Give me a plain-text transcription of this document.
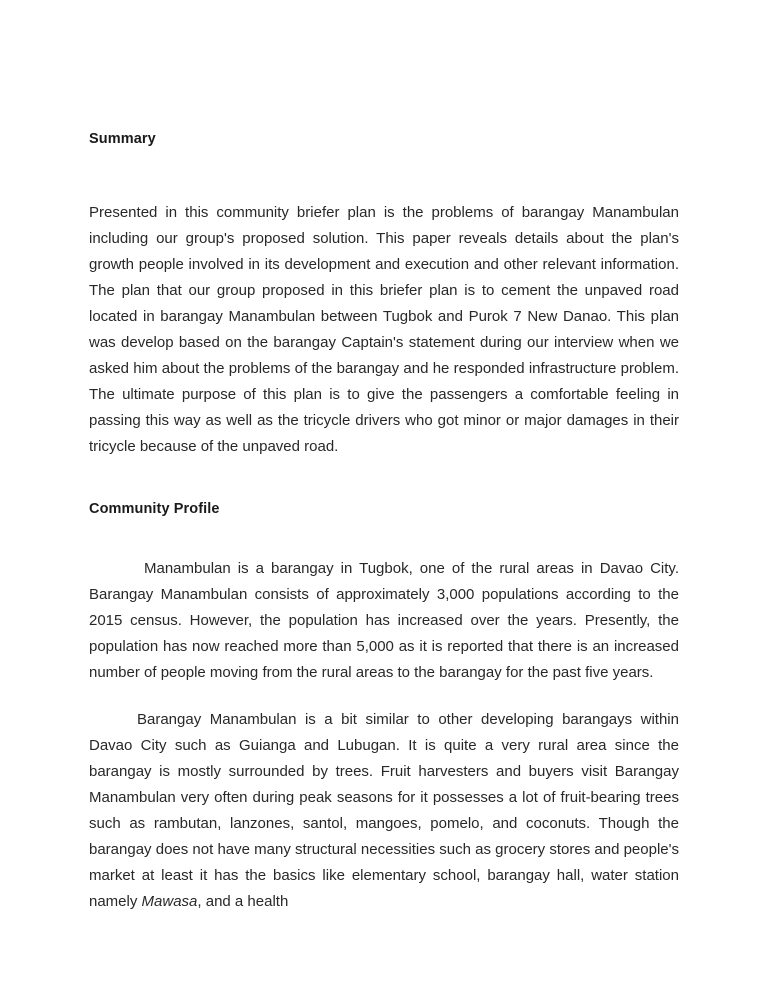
Summary

Presented in this community briefer plan is the problems of barangay Manambulan including our group's proposed solution. This paper reveals details about the plan's growth people involved in its development and execution and other relevant information. The plan that our group proposed in this briefer plan is to cement the unpaved road located in barangay Manambulan between Tugbok and Purok 7 New Danao. This plan was develop based on the barangay Captain's statement during our interview when we asked him about the problems of the barangay and he responded infrastructure problem. The ultimate purpose of this plan is to give the passengers a comfortable feeling in passing this way as well as the tricycle drivers who got minor or major damages in their tricycle because of the unpaved road.

Community Profile

Manambulan is a barangay in Tugbok, one of the rural areas in Davao City. Barangay Manambulan consists of approximately 3,000 populations according to the 2015 census. However, the population has increased over the years. Presently, the population has now reached more than 5,000 as it is reported that there is an increased number of people moving from the rural areas to the barangay for the past five years.

Barangay Manambulan is a bit similar to other developing barangays within Davao City such as Guianga and Lubugan. It is quite a very rural area since the barangay is mostly surrounded by trees. Fruit harvesters and buyers visit Barangay Manambulan very often during peak seasons for it possesses a lot of fruit-bearing trees such as rambutan, lanzones, santol, mangoes, pomelo, and coconuts. Though the barangay does not have many structural necessities such as grocery stores and people's market at least it has the basics like elementary school, barangay hall, water station namely Mawasa, and a health
